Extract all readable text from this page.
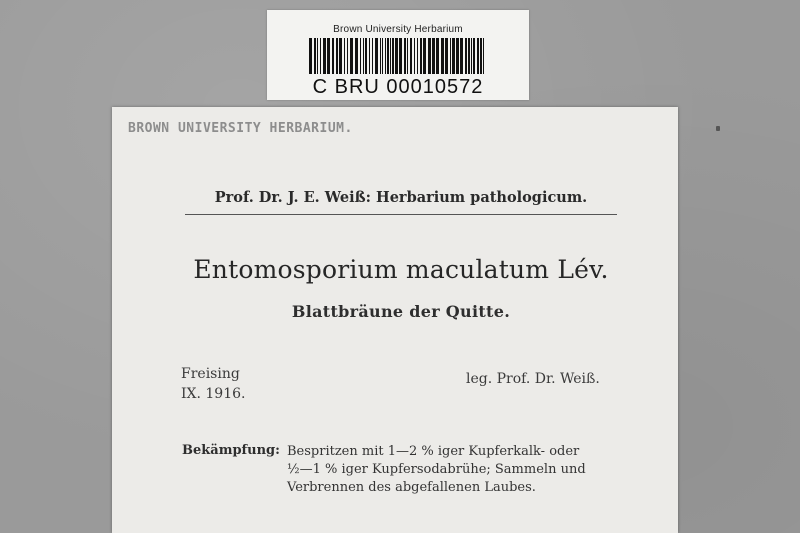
Brown University Herbarium
C BRU 00010572
BROWN UNIVERSITY HERBARIUM.
Prof. Dr. J. E. Weiß: Herbarium pathologicum.
Entomosporium maculatum Lév.
Blattbräune der Quitte.
Freising
IX. 1916.
leg. Prof. Dr. Weiß.
Bekämpfung: Bespritzen mit 1—2 % iger Kupferkalk- oder
½—1 % iger Kupfersodabrühe; Sammeln und
Verbrennen des abgefallenen Laubes.
